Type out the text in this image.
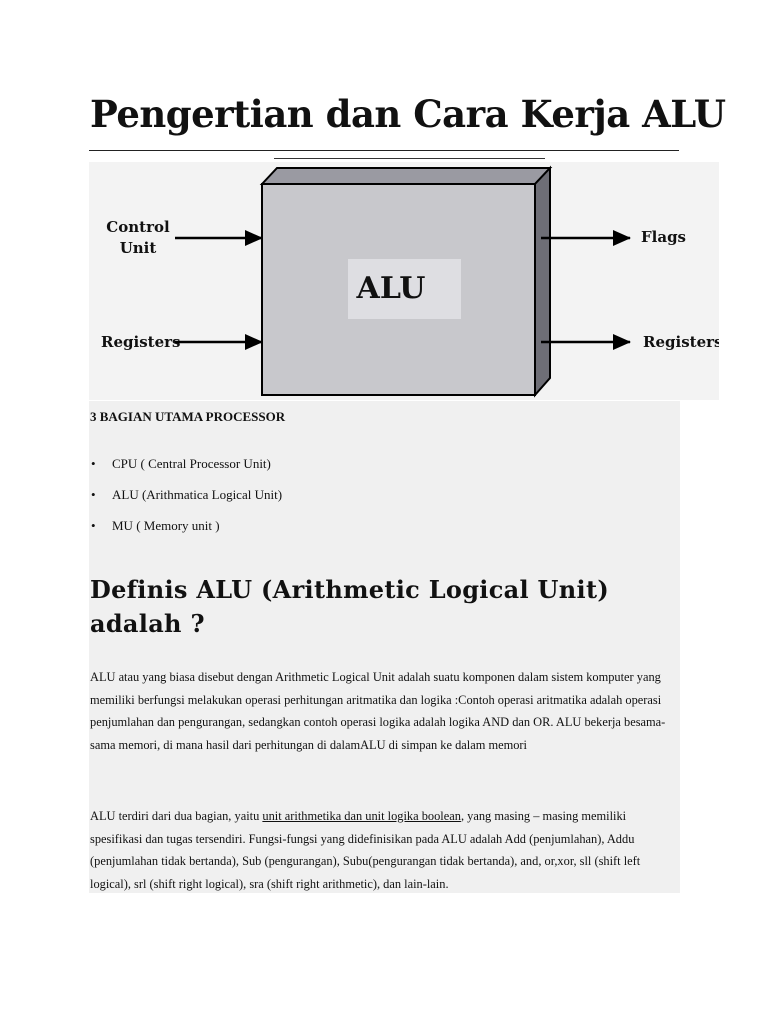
Pengertian dan Cara Kerja ALU
ALU
Control
Unit
Registers
Flags
Registers

3 BAGIAN UTAMA PROCESSOR

• CPU ( Central Processor Unit)
• ALU (Arithmatica Logical Unit)
• MU ( Memory unit )
Definis ALU (Arithmetic Logical Unit) adalah ?

ALU atau yang biasa disebut dengan Arithmetic Logical Unit adalah suatu komponen dalam sistem komputer yang memiliki berfungsi melakukan operasi perhitungan aritmatika dan logika :Contoh operasi aritmatika adalah operasi penjumlahan dan pengurangan, sedangkan contoh operasi logika adalah logika AND dan OR. ALU bekerja besama-sama memori, di mana hasil dari perhitungan di dalamALU di simpan ke dalam memori

ALU terdiri dari dua bagian, yaitu unit arithmetika dan unit logika boolean, yang masing – masing memiliki spesifikasi dan tugas tersendiri. Fungsi-fungsi yang didefinisikan pada ALU adalah Add (penjumlahan), Addu (penjumlahan tidak bertanda), Sub (pengurangan), Subu(pengurangan tidak bertanda), and, or,xor, sll (shift left logical), srl (shift right logical), sra (shift right arithmetic), dan lain-lain.
